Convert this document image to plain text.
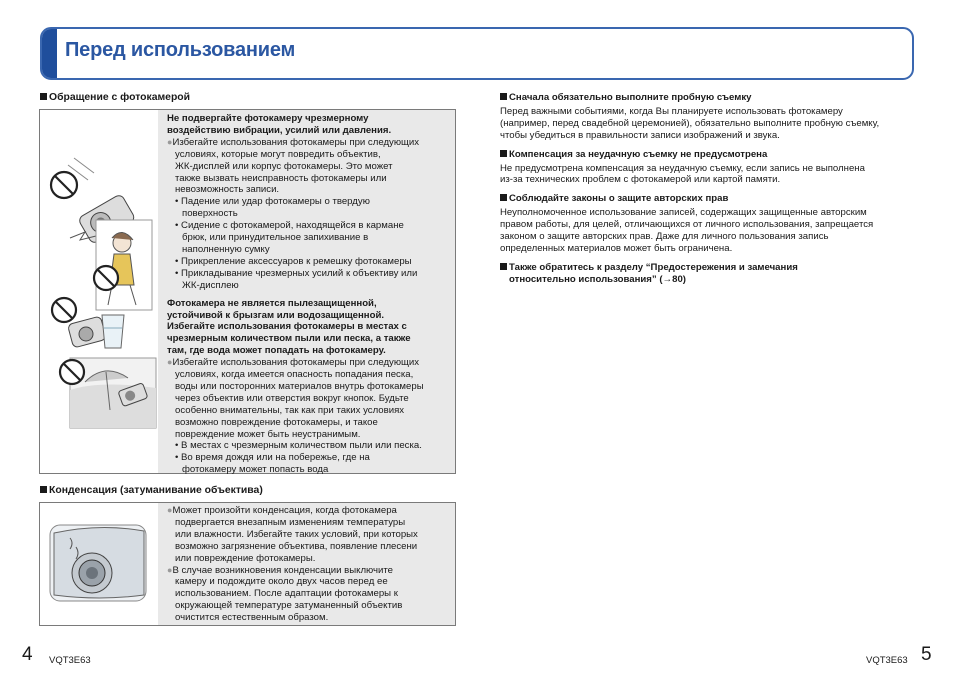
Перед использованием
Обращение с фотокамерой
Не подвергайте фотокамеру чрезмерному
воздействию вибрации, усилий или давления.
●Избегайте использования фотокамеры при следующих
условиях, которые могут повредить объектив,
ЖК-дисплей или корпус фотокамеры. Это может
также вызвать неисправность фотокамеры или
невозможность записи.
• Падение или удар фотокамеры о твердую
поверхность
• Сидение с фотокамерой, находящейся в кармане
брюк, или принудительное запихивание в
наполненную сумку
• Прикрепление аксессуаров к ремешку фотокамеры
• Прикладывание чрезмерных усилий к объективу или
ЖК-дисплею
Фотокамера не является пылезащищенной,
устойчивой к брызгам или водозащищенной.
Избегайте использования фотокамеры в местах с
чрезмерным количеством пыли или песка, а также
там, где вода может попадать на фотокамеру.
●Избегайте использования фотокамеры при следующих
условиях, когда имеется опасность попадания песка,
воды или посторонних материалов внутрь фотокамеры
через объектив или отверстия вокруг кнопок. Будьте
особенно внимательны, так как при таких условиях
возможно повреждение фотокамеры, и такое
повреждение может быть неустранимым.
• В местах с чрезмерным количеством пыли или песка.
• Во время дождя или на побережье, где на
фотокамеру может попасть вода
Конденсация (затуманивание объектива)
●Может произойти конденсация, когда фотокамера
подвергается внезапным изменениям температуры
или влажности. Избегайте таких условий, при которых
возможно загрязнение объектива, появление плесени
или повреждение фотокамеры.
●В случае возникновения конденсации выключите
камеру и подождите около двух часов перед ее
использованием. После адаптации фотокамеры к
окружающей температуре затуманенный объектив
очистится естественным образом.
Сначала обязательно выполните пробную съемку
Перед важными событиями, когда Вы планируете использовать фотокамеру
(например, перед свадебной церемонией), обязательно выполните пробную съемку,
чтобы убедиться в правильности записи изображений и звука.
Компенсация за неудачную съемку не предусмотрена
Не предусмотрена компенсация за неудачную съемку, если запись не выполнена
из-за технических проблем с фотокамерой или картой памяти.
Соблюдайте законы о защите авторских прав
Неуполномоченное использование записей, содержащих защищенные авторским
правом работы, для целей, отличающихся от личного использования, запрещается
законом о защите авторских прав. Даже для личного пользования запись
определенных материалов может быть ограничена.
Также обратитесь к разделу “Предостережения и замечания
относительно использования” (→80)
4 VQT3E63	VQT3E63 5
